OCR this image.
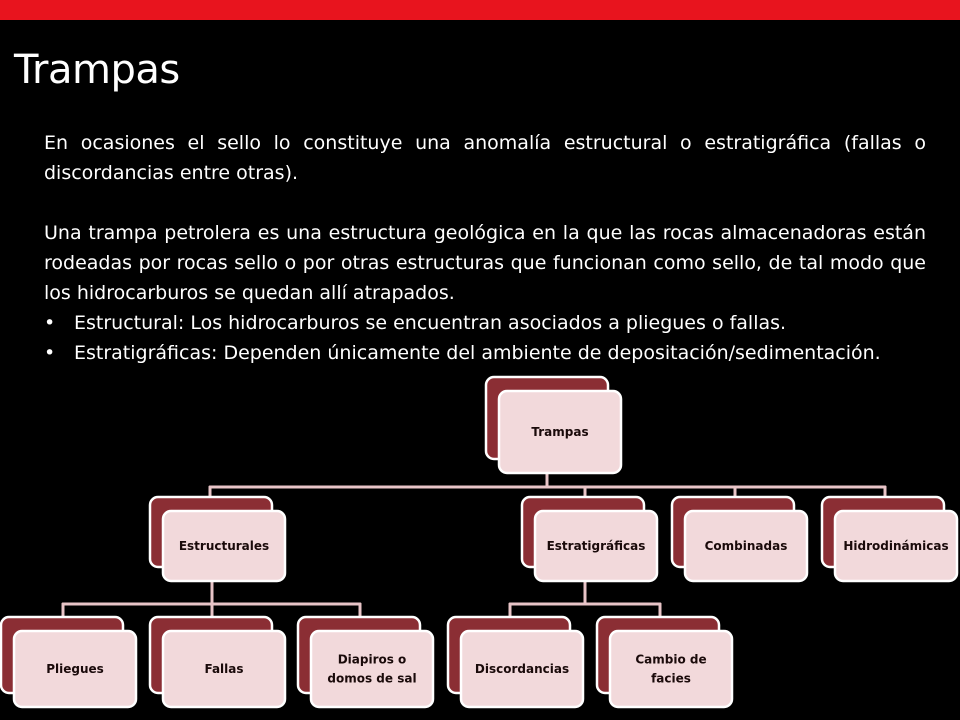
Trampas

En ocasiones el sello lo constituye una anomalía estructural o estratigráfica (fallas o discordancias entre otras).

Una trampa petrolera es una estructura geológica en la que las rocas almacenadoras están rodeadas por rocas sello o por otras estructuras que funcionan como sello, de tal modo que los hidrocarburos se quedan allí atrapados.

• Estructural: Los hidrocarburos se encuentran asociados a pliegues o fallas.
• Estratigráficas: Dependen únicamente del ambiente de depositación/sedimentación.
Trampas
Estructurales	Estratigráficas	Combinadas	Hidrodinámicas
Pliegues	Fallas
Diapiros o
domos de sal
Discordancias
Cambio de
facies
